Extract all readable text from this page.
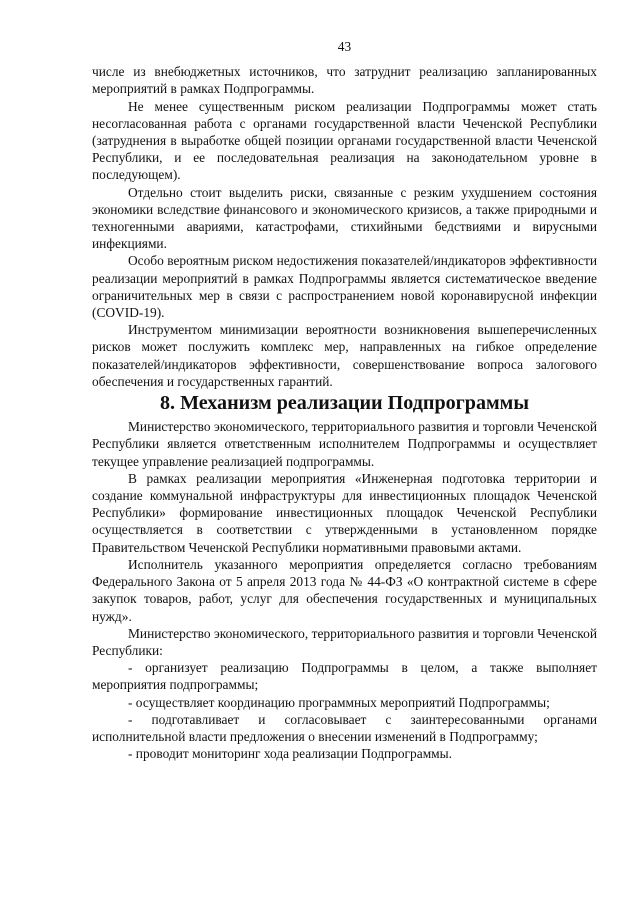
43

числе из внебюджетных источников, что затруднит реализацию запланированных мероприятий в рамках Подпрограммы.

Не менее существенным риском реализации Подпрограммы может стать несогласованная работа с органами государственной власти Чеченской Республики (затруднения в выработке общей позиции органами государственной власти Чеченской Республики, и ее последовательная реализация на законодательном уровне в последующем).

Отдельно стоит выделить риски, связанные с резким ухудшением состояния экономики вследствие финансового и экономического кризисов, а также природными и техногенными авариями, катастрофами, стихийными бедствиями и вирусными инфекциями.

Особо вероятным риском недостижения показателей/индикаторов эффективности реализации мероприятий в рамках Подпрограммы является систематическое введение ограничительных мер в связи с распространением новой коронавирусной инфекции (COVID-19).

Инструментом минимизации вероятности возникновения вышеперечисленных рисков может послужить комплекс мер, направленных на гибкое определение показателей/индикаторов эффективности, совершенствование вопроса залогового обеспечения и государственных гарантий.

8. Механизм реализации Подпрограммы

Министерство экономического, территориального развития и торговли Чеченской Республики является ответственным исполнителем Подпрограммы и осуществляет текущее управление реализацией подпрограммы.

В рамках реализации мероприятия «Инженерная подготовка территории и создание коммунальной инфраструктуры для инвестиционных площадок Чеченской Республики» формирование инвестиционных площадок Чеченской Республики осуществляется в соответствии с утвержденными в установленном порядке Правительством Чеченской Республики нормативными правовыми актами.

Исполнитель указанного мероприятия определяется согласно требованиям Федерального Закона от 5 апреля 2013 года № 44-ФЗ «О контрактной системе в сфере закупок товаров, работ, услуг для обеспечения государственных и муниципальных нужд».

Министерство экономического, территориального развития и торговли Чеченской Республики:

- организует реализацию Подпрограммы в целом, а также выполняет мероприятия подпрограммы;

- осуществляет координацию программных мероприятий Подпрограммы;

- подготавливает и согласовывает с заинтересованными органами исполнительной власти предложения о внесении изменений в Подпрограмму;

- проводит мониторинг хода реализации Подпрограммы.
